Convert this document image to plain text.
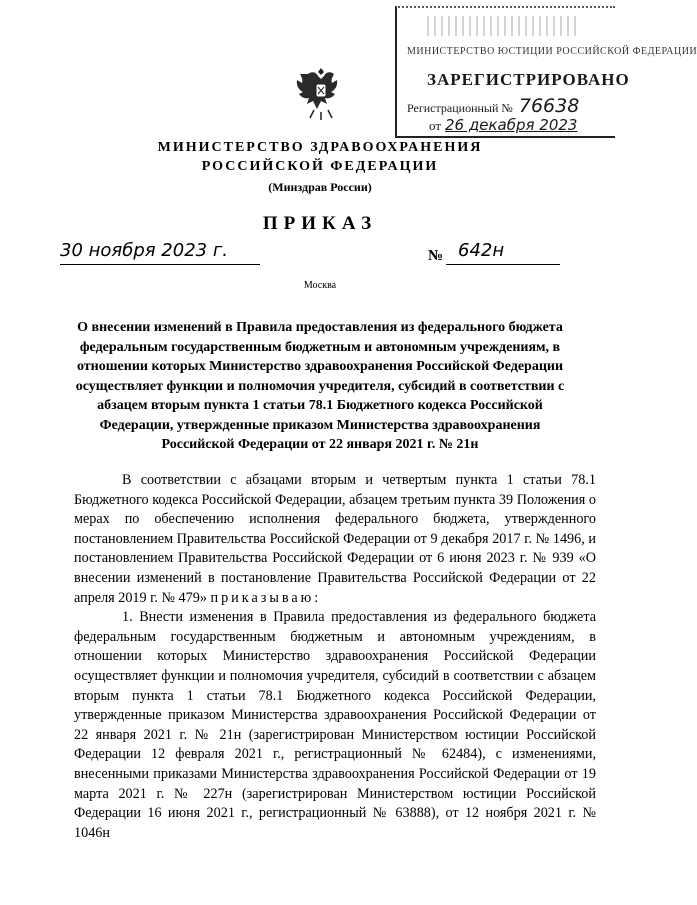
МИНИСТЕРСТВО ЮСТИЦИИ РОССИЙСКОЙ ФЕДЕРАЦИИ
ЗАРЕГИСТРИРОВАНО
Регистрационный № 76638
от 26 декабря 2023
МИНИСТЕРСТВО ЗДРАВООХРАНЕНИЯ
РОССИЙСКОЙ ФЕДЕРАЦИИ
(Минздрав России)
ПРИКАЗ
30 ноября 2023 г.	№ 642н
Москва
О внесении изменений в Правила предоставления из федерального бюджета федеральным государственным бюджетным и автономным учреждениям, в отношении которых Министерство здравоохранения Российской Федерации осуществляет функции и полномочия учредителя, субсидий в соответствии с абзацем вторым пункта 1 статьи 78.1 Бюджетного кодекса Российской Федерации, утвержденные приказом Министерства здравоохранения Российской Федерации от 22 января 2021 г. № 21н

В соответствии с абзацами вторым и четвертым пункта 1 статьи 78.1 Бюджетного кодекса Российской Федерации, абзацем третьим пункта 39 Положения о мерах по обеспечению исполнения федерального бюджета, утвержденного постановлением Правительства Российской Федерации от 9 декабря 2017 г. № 1496, и постановлением Правительства Российской Федерации от 6 июня 2023 г. № 939 «О внесении изменений в постановление Правительства Российской Федерации от 22 апреля 2019 г. № 479» приказываю:

1. Внести изменения в Правила предоставления из федерального бюджета федеральным государственным бюджетным и автономным учреждениям, в отношении которых Министерство здравоохранения Российской Федерации осуществляет функции и полномочия учредителя, субсидий в соответствии с абзацем вторым пункта 1 статьи 78.1 Бюджетного кодекса Российской Федерации, утвержденные приказом Министерства здравоохранения Российской Федерации от 22 января 2021 г. № 21н (зарегистрирован Министерством юстиции Российской Федерации 12 февраля 2021 г., регистрационный № 62484), с изменениями, внесенными приказами Министерства здравоохранения Российской Федерации от 19 марта 2021 г. № 227н (зарегистрирован Министерством юстиции Российской Федерации 16 июня 2021 г., регистрационный № 63888), от 12 ноября 2021 г. № 1046н
